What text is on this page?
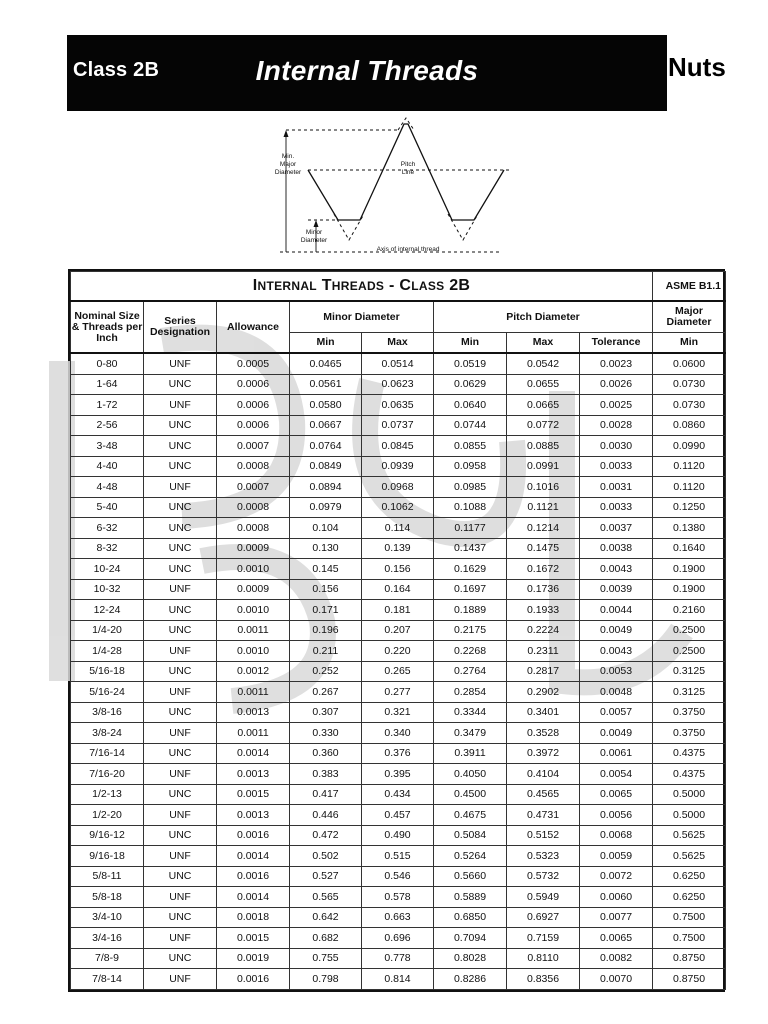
Class 2B	Internal Threads	Nuts
Min.
Major
Diameter
Pitch
Line
Minor
Diameter
Axis of internal thread
INTERNAL THREADS - CLASS 2B								ASME B1.1
Nominal Size & Threads per Inch	Series Designation	Allowance	Minor Diameter		Pitch Diameter			Major Diameter
			Min	Max	Min	Max	Tolerance	Min
0-80	UNF	0.0005	0.0465	0.0514	0.0519	0.0542	0.0023	0.0600
1-64	UNC	0.0006	0.0561	0.0623	0.0629	0.0655	0.0026	0.0730
1-72	UNF	0.0006	0.0580	0.0635	0.0640	0.0665	0.0025	0.0730
2-56	UNC	0.0006	0.0667	0.0737	0.0744	0.0772	0.0028	0.0860
3-48	UNC	0.0007	0.0764	0.0845	0.0855	0.0885	0.0030	0.0990
4-40	UNC	0.0008	0.0849	0.0939	0.0958	0.0991	0.0033	0.1120
4-48	UNF	0.0007	0.0894	0.0968	0.0985	0.1016	0.0031	0.1120
5-40	UNC	0.0008	0.0979	0.1062	0.1088	0.1121	0.0033	0.1250
6-32	UNC	0.0008	0.104	0.114	0.1177	0.1214	0.0037	0.1380
8-32	UNC	0.0009	0.130	0.139	0.1437	0.1475	0.0038	0.1640
10-24	UNC	0.0010	0.145	0.156	0.1629	0.1672	0.0043	0.1900
10-32	UNF	0.0009	0.156	0.164	0.1697	0.1736	0.0039	0.1900
12-24	UNC	0.0010	0.171	0.181	0.1889	0.1933	0.0044	0.2160
1/4-20	UNC	0.0011	0.196	0.207	0.2175	0.2224	0.0049	0.2500
1/4-28	UNF	0.0010	0.211	0.220	0.2268	0.2311	0.0043	0.2500
5/16-18	UNC	0.0012	0.252	0.265	0.2764	0.2817	0.0053	0.3125
5/16-24	UNF	0.0011	0.267	0.277	0.2854	0.2902	0.0048	0.3125
3/8-16	UNC	0.0013	0.307	0.321	0.3344	0.3401	0.0057	0.3750
3/8-24	UNF	0.0011	0.330	0.340	0.3479	0.3528	0.0049	0.3750
7/16-14	UNC	0.0014	0.360	0.376	0.3911	0.3972	0.0061	0.4375
7/16-20	UNF	0.0013	0.383	0.395	0.4050	0.4104	0.0054	0.4375
1/2-13	UNC	0.0015	0.417	0.434	0.4500	0.4565	0.0065	0.5000
1/2-20	UNF	0.0013	0.446	0.457	0.4675	0.4731	0.0056	0.5000
9/16-12	UNC	0.0016	0.472	0.490	0.5084	0.5152	0.0068	0.5625
9/16-18	UNF	0.0014	0.502	0.515	0.5264	0.5323	0.0059	0.5625
5/8-11	UNC	0.0016	0.527	0.546	0.5660	0.5732	0.0072	0.6250
5/8-18	UNF	0.0014	0.565	0.578	0.5889	0.5949	0.0060	0.6250
3/4-10	UNC	0.0018	0.642	0.663	0.6850	0.6927	0.0077	0.7500
3/4-16	UNF	0.0015	0.682	0.696	0.7094	0.7159	0.0065	0.7500
7/8-9	UNC	0.0019	0.755	0.778	0.8028	0.8110	0.0082	0.8750
7/8-14	UNF	0.0016	0.798	0.814	0.8286	0.8356	0.0070	0.8750
